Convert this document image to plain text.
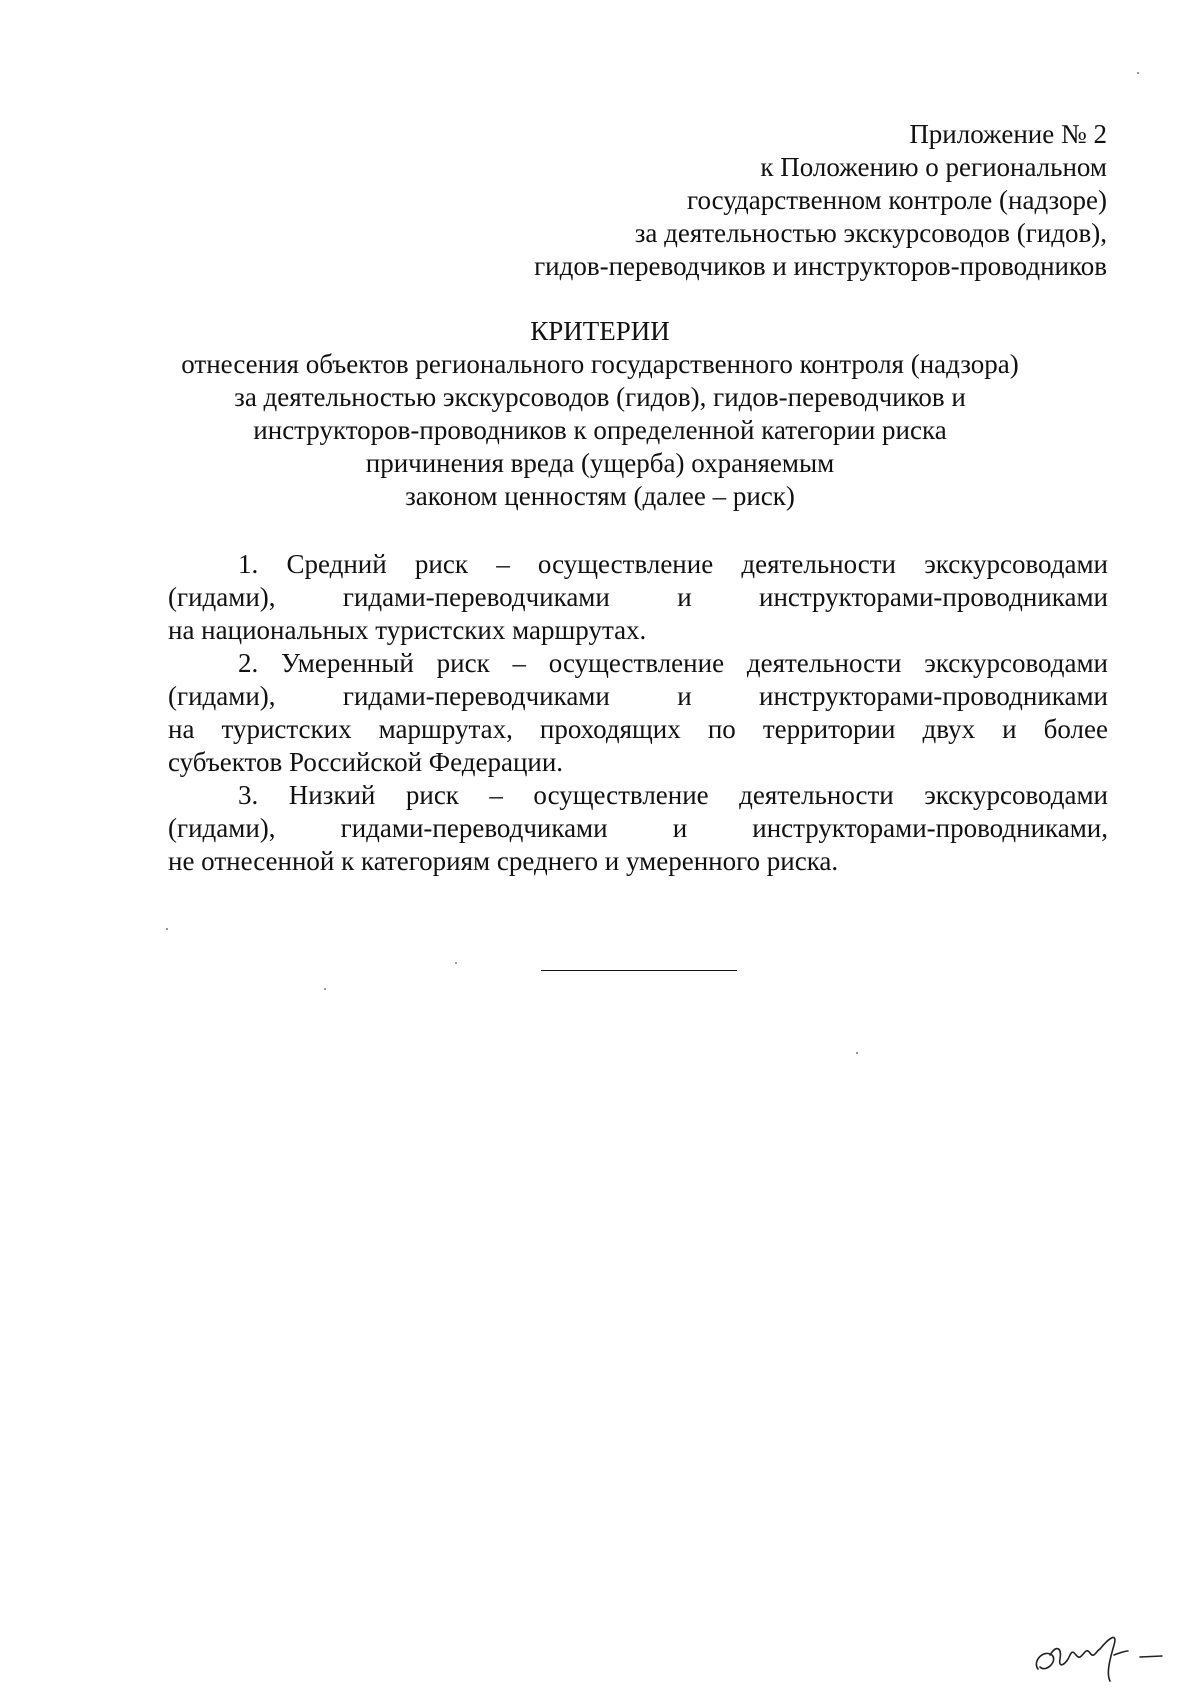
Приложение № 2
к Положению о региональном
государственном контроле (надзоре)
за деятельностью экскурсоводов (гидов),
гидов-переводчиков и инструкторов-проводников
КРИТЕРИИ
отнесения объектов регионального государственного контроля (надзора)
за деятельностью экскурсоводов (гидов), гидов-переводчиков и
инструкторов-проводников к определенной категории риска
причинения вреда (ущерба) охраняемым
законом ценностям (далее – риск)

1. Средний риск – осуществление деятельности экскурсоводами
(гидами), гидами-переводчиками и инструкторами-проводниками
на национальных туристских маршрутах.

2. Умеренный риск – осуществление деятельности экскурсоводами
(гидами), гидами-переводчиками и инструкторами-проводниками
на туристских маршрутах, проходящих по территории двух и более
субъектов Российской Федерации.

3. Низкий риск – осуществление деятельности экскурсоводами
(гидами), гидами-переводчиками и инструкторами-проводниками,
не отнесенной к категориям среднего и умеренного риска.
